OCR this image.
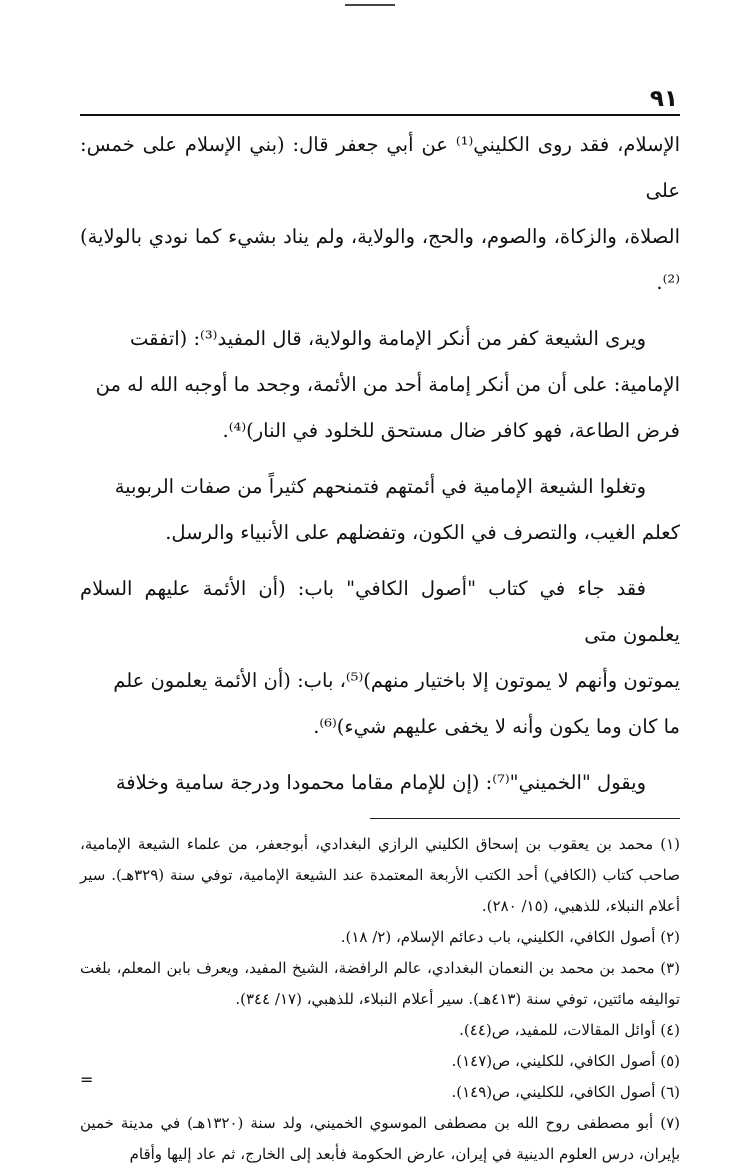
٩١

الإسلام، فقد روى الكليني⁽¹⁾ عن أبي جعفر قال: (بني الإسلام على خمس: على
الصلاة، والزكاة، والصوم، والحج، والولاية، ولم يناد بشيء كما نودي بالولاية)⁽²⁾.

ويرى الشيعة كفر من أنكر الإمامة والولاية، قال المفيد⁽³⁾: (اتفقت
الإمامية: على أن من أنكر إمامة أحد من الأئمة، وجحد ما أوجبه الله له من
فرض الطاعة، فهو كافر ضال مستحق للخلود في النار)⁽⁴⁾.

وتغلوا الشيعة الإمامية في أئمتهم فتمنحهم كثيراً من صفات الربوبية
كعلم الغيب، والتصرف في الكون، وتفضلهم على الأنبياء والرسل.

فقد جاء في كتاب "أصول الكافي" باب: (أن الأئمة عليهم السلام يعلمون متى
يموتون وأنهم لا يموتون إلا باختيار منهم)⁽⁵⁾، باب: (أن الأئمة يعلمون علم
ما كان وما يكون وأنه لا يخفى عليهم شيء)⁽⁶⁾.

ويقول "الخميني"⁽⁷⁾: (إن للإمام مقاما محمودا ودرجة سامية وخلافة

(١) محمد بن يعقوب بن إسحاق الكليني الرازي البغدادي، أبوجعفر، من علماء الشيعة الإمامية، صاحب كتاب (الكافي) أحد الكتب الأربعة المعتمدة عند الشيعة الإمامية، توفي سنة (٣٢٩هـ). سير أعلام النبلاء، للذهبي، (١٥/ ٢٨٠).

(٢) أصول الكافي، الكليني، باب دعائم الإسلام، (٢/ ١٨).

(٣) محمد بن محمد بن النعمان البغدادي، عالم الرافضة، الشيخ المفيد، ويعرف بابن المعلم، بلغت تواليفه مائتين، توفي سنة (٤١٣هـ). سير أعلام النبلاء، للذهبي، (١٧/ ٣٤٤).

(٤) أوائل المقالات، للمفيد، ص(٤٤).

(٥) أصول الكافي، للكليني، ص(١٤٧).

(٦) أصول الكافي، للكليني، ص(١٤٩).

(٧) أبو مصطفى روح الله بن مصطفى الموسوي الخميني، ولد سنة (١٣٢٠هـ) في مدينة خمين بإيران، درس العلوم الدينية في إيران، عارض الحكومة فأبعد إلى الخارج، ثم عاد إليها وأقام

=
